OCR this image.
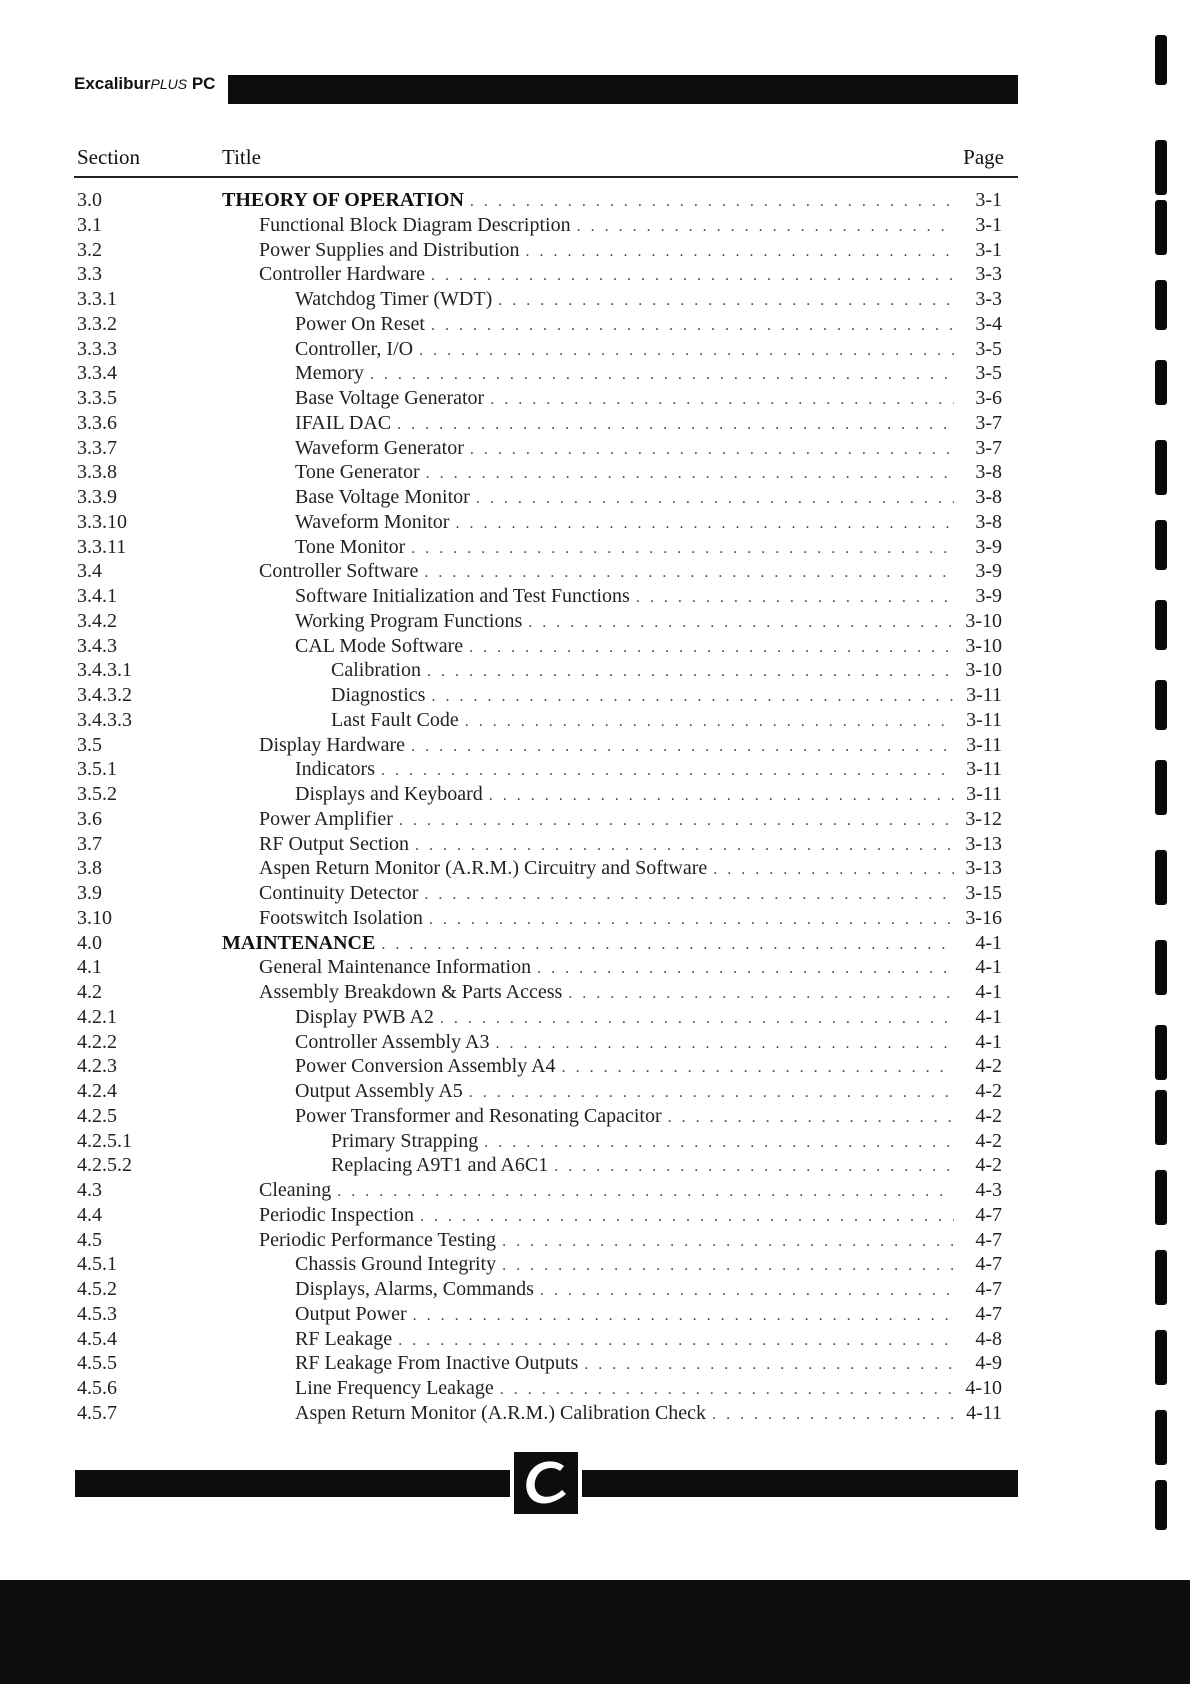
ExcaliburPLUS PC
Section	Title	Page
3.0	THEORY OF OPERATION . . .	3-1
3.1	Functional Block Diagram Description . . .	3-1
3.2	Power Supplies and Distribution . . .	3-1
3.3	Controller Hardware . . .	3-3
3.3.1	Watchdog Timer (WDT) . . .	3-3
3.3.2	Power On Reset . . .	3-4
3.3.3	Controller, I/O . . .	3-5
3.3.4	Memory . . .	3-5
3.3.5	Base Voltage Generator . . .	3-6
3.3.6	IFAIL DAC . . .	3-7
3.3.7	Waveform Generator . . .	3-7
3.3.8	Tone Generator . . .	3-8
3.3.9	Base Voltage Monitor . . .	3-8
3.3.10	Waveform Monitor . . .	3-8
3.3.11	Tone Monitor . . .	3-9
3.4	Controller Software . . .	3-9
3.4.1	Software Initialization and Test Functions . . .	3-9
3.4.2	Working Program Functions . . .	3-10
3.4.3	CAL Mode Software . . .	3-10
3.4.3.1	Calibration . . .	3-10
3.4.3.2	Diagnostics . . .	3-11
3.4.3.3	Last Fault Code . . .	3-11
3.5	Display Hardware . . .	3-11
3.5.1	Indicators . . .	3-11
3.5.2	Displays and Keyboard . . .	3-11
3.6	Power Amplifier . . .	3-12
3.7	RF Output Section . . .	3-13
3.8	Aspen Return Monitor (A.R.M.) Circuitry and Software . . .	3-13
3.9	Continuity Detector . . .	3-15
3.10	Footswitch Isolation . . .	3-16
4.0	MAINTENANCE . . .	4-1
4.1	General Maintenance Information . . .	4-1
4.2	Assembly Breakdown & Parts Access . . .	4-1
4.2.1	Display PWB A2 . . .	4-1
4.2.2	Controller Assembly A3 . . .	4-1
4.2.3	Power Conversion Assembly A4 . . .	4-2
4.2.4	Output Assembly A5 . . .	4-2
4.2.5	Power Transformer and Resonating Capacitor . . .	4-2
4.2.5.1	Primary Strapping . . .	4-2
4.2.5.2	Replacing A9T1 and A6C1 . . .	4-2
4.3	Cleaning . . .	4-3
4.4	Periodic Inspection . . .	4-7
4.5	Periodic Performance Testing . . .	4-7
4.5.1	Chassis Ground Integrity . . .	4-7
4.5.2	Displays, Alarms, Commands . . .	4-7
4.5.3	Output Power . . .	4-7
4.5.4	RF Leakage . . .	4-8
4.5.5	RF Leakage From Inactive Outputs . . .	4-9
4.5.6	Line Frequency Leakage . . .	4-10
4.5.7	Aspen Return Monitor (A.R.M.) Calibration Check . . .	4-11
